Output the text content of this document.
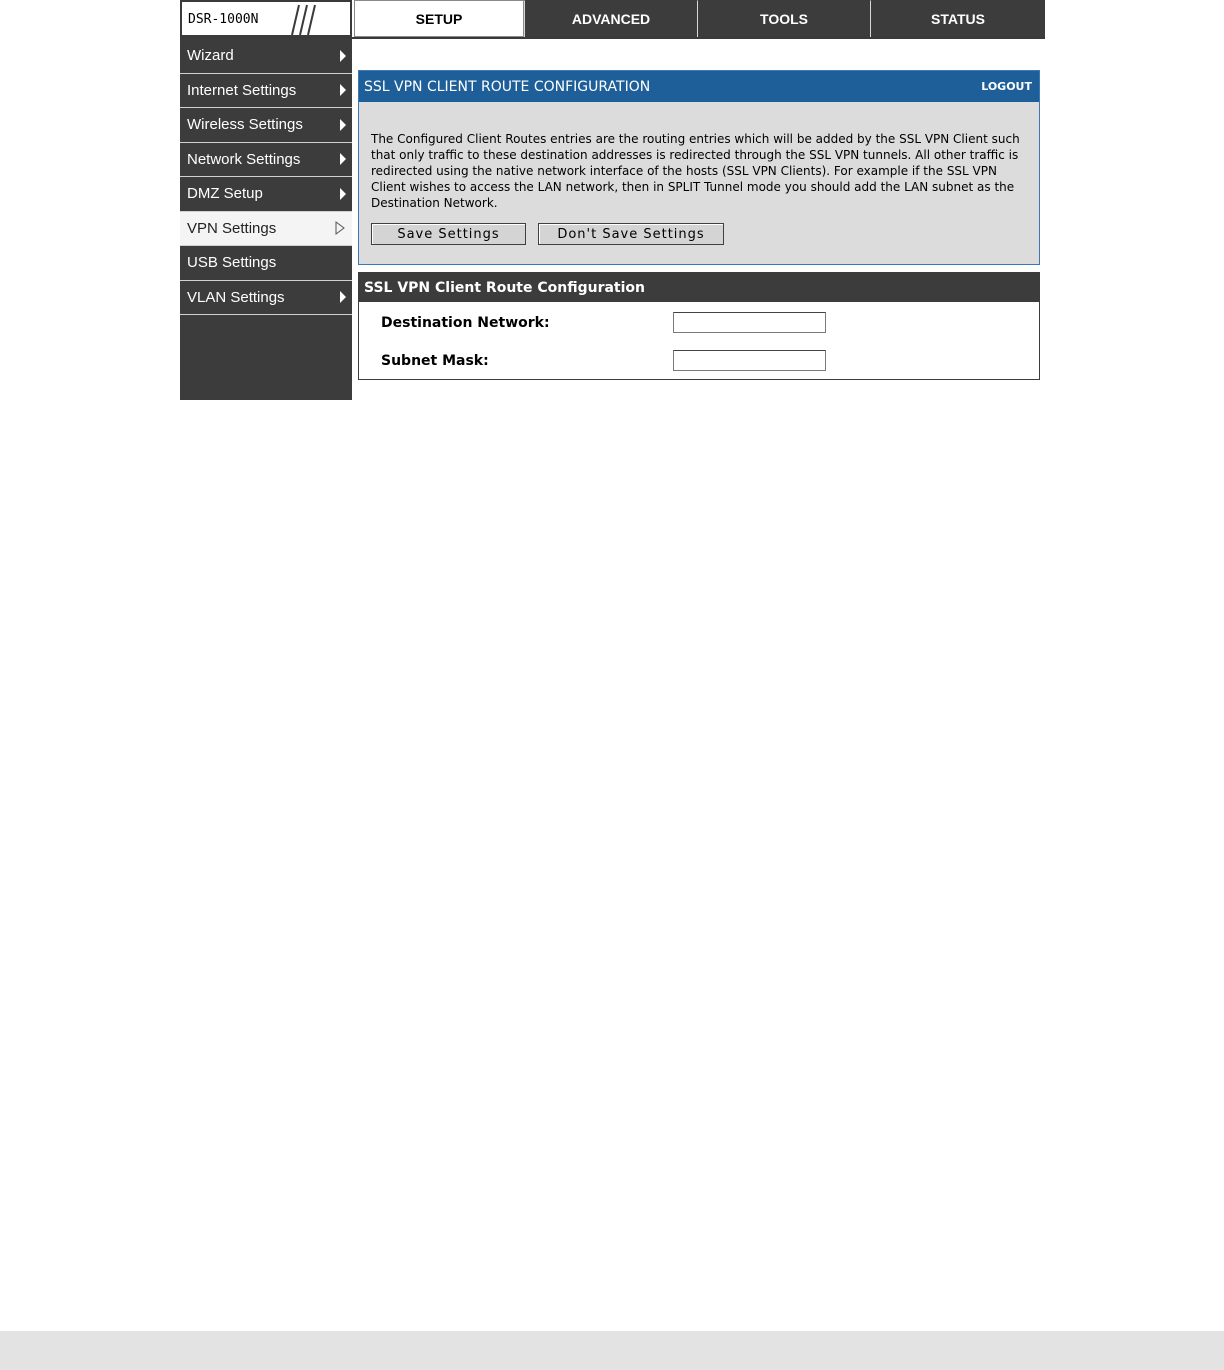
DSR-1000N	SETUP	ADVANCED	TOOLS	STATUS
Wizard
Internet Settings
Wireless Settings
Network Settings
DMZ Setup
VPN Settings
USB Settings
VLAN Settings
SSL VPN CLIENT ROUTE CONFIGURATION	LOGOUT

The Configured Client Routes entries are the routing entries which will be added by the SSL VPN Client such that only traffic to these destination addresses is redirected through the SSL VPN tunnels. All other traffic is redirected using the native network interface of the hosts (SSL VPN Clients). For example if the SSL VPN Client wishes to access the LAN network, then in SPLIT Tunnel mode you should add the LAN subnet as the Destination Network.

Save Settings	Don't Save Settings
SSL VPN Client Route Configuration
Destination Network:
Subnet Mask:
